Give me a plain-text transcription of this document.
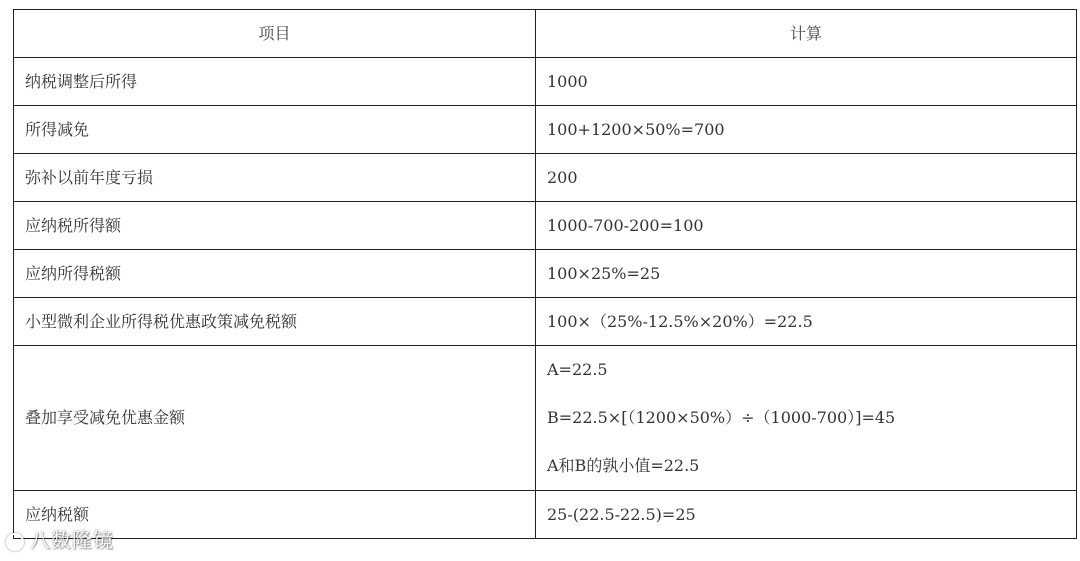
项目	计算
纳税调整后所得	1000
所得减免	100+1200×50%=700
弥补以前年度亏损	200
应纳税所得额	1000-700-200=100
应纳所得税额	100×25%=25
小型微利企业所得税优惠政策减免税额	100×（25%-12.5%×20%）=22.5
叠加享受减免优惠金额	A=22.5
B=22.5×[（1200×50%）÷（1000-700）]=45
A和B的孰小值=22.5

应纳税额	25-(22.5-22.5)=25
八数隆镜
